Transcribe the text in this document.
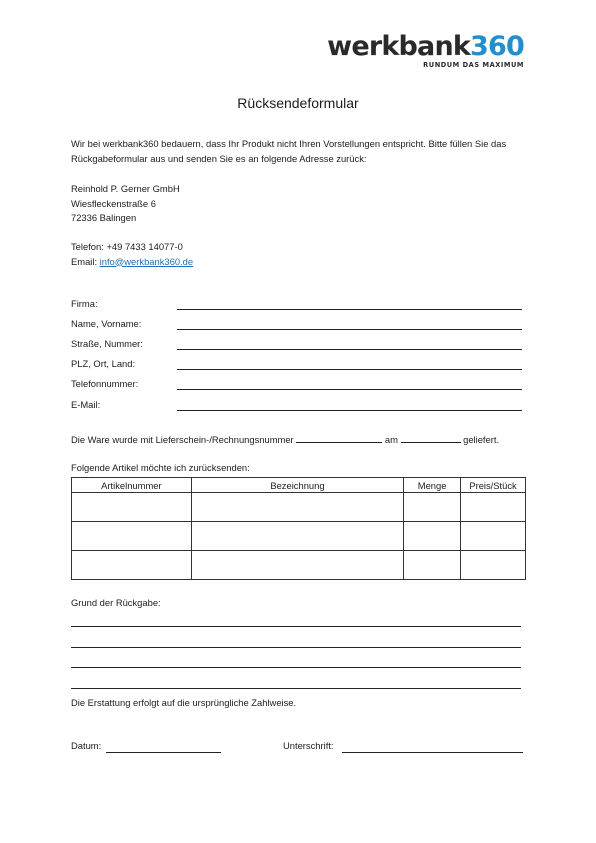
werkbank360
RUNDUM DAS MAXIMUM
Rücksendeformular
Wir bei werkbank360 bedauern, dass Ihr Produkt nicht Ihren Vorstellungen entspricht. Bitte füllen Sie das Rückgabeformular aus und senden Sie es an folgende Adresse zurück:
Reinhold P. Gerner GmbH
Wiesfleckenstraße 6
72336 Balingen
Telefon: +49 7433 14077-0
Email: info@werkbank360.de
Firma:
Name, Vorname:
Straße, Nummer:
PLZ, Ort, Land:
Telefonnummer:
E-Mail:
Die Ware wurde mit Lieferschein-/Rechnungsnummer	am	geliefert.
Folgende Artikel möchte ich zurücksenden:
Artikelnummer	Bezeichnung	Menge	Preis/Stück

Grund der Rückgabe:
Die Erstattung erfolgt auf die ursprüngliche Zahlweise.
Datum:	Unterschrift:
